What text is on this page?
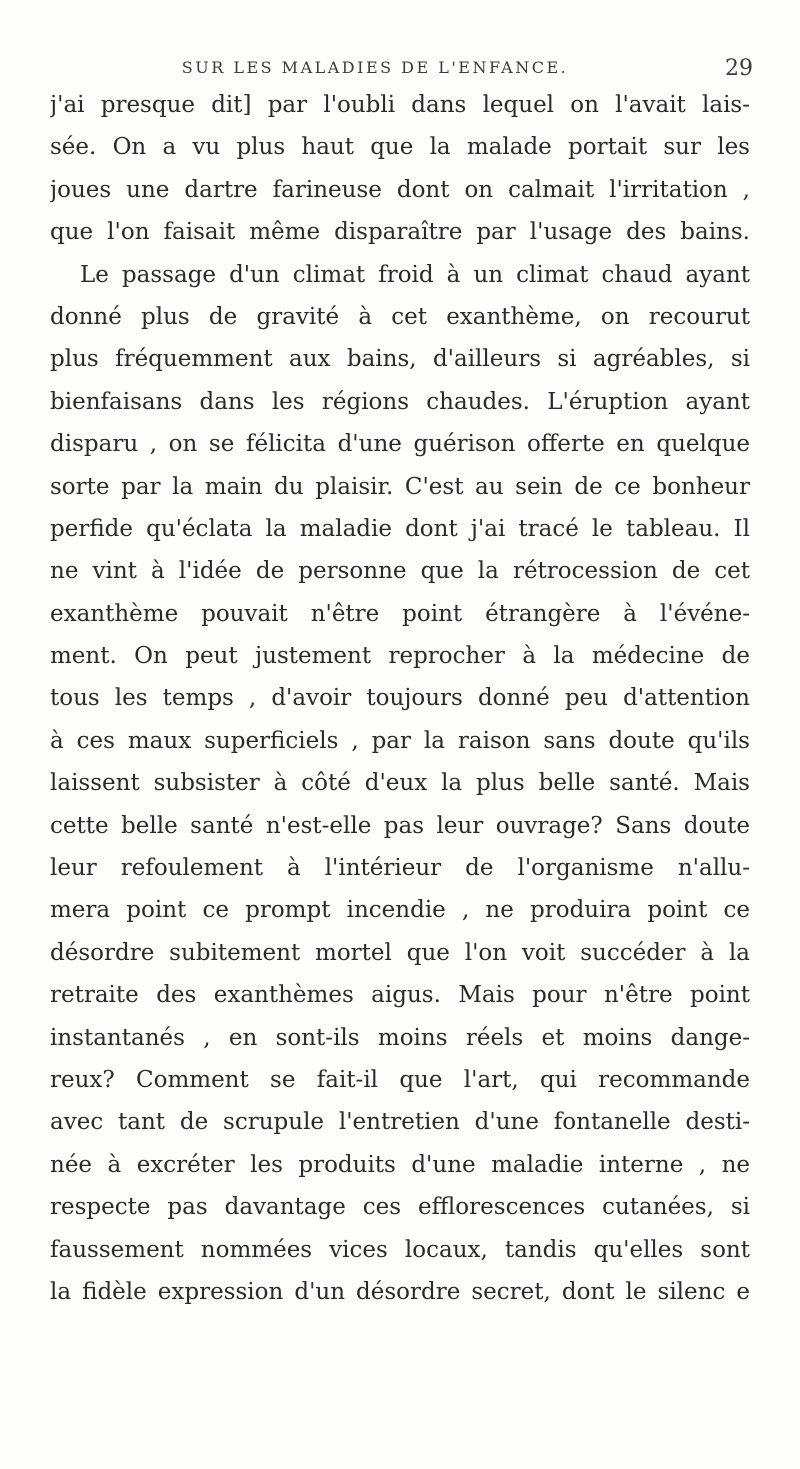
SUR LES MALADIES DE L'ENFANCE.	29
j'ai presque dit] par l'oubli dans lequel on l'avait lais-
sée. On a vu plus haut que la malade portait sur les
joues une dartre farineuse dont on calmait l'irritation ,
que l'on faisait même disparaître par l'usage des bains.
Le passage d'un climat froid à un climat chaud ayant
donné plus de gravité à cet exanthème, on recourut
plus fréquemment aux bains, d'ailleurs si agréables, si
bienfaisans dans les régions chaudes. L'éruption ayant
disparu , on se félicita d'une guérison offerte en quelque
sorte par la main du plaisir. C'est au sein de ce bonheur
perfide qu'éclata la maladie dont j'ai tracé le tableau. Il
ne vint à l'idée de personne que la rétrocession de cet
exanthème pouvait n'être point étrangère à l'événe-
ment. On peut justement reprocher à la médecine de
tous les temps , d'avoir toujours donné peu d'attention
à ces maux superficiels , par la raison sans doute qu'ils
laissent subsister à côté d'eux la plus belle santé. Mais
cette belle santé n'est-elle pas leur ouvrage? Sans doute
leur refoulement à l'intérieur de l'organisme n'allu-
mera point ce prompt incendie , ne produira point ce
désordre subitement mortel que l'on voit succéder à la
retraite des exanthèmes aigus. Mais pour n'être point
instantanés , en sont-ils moins réels et moins dange-
reux? Comment se fait-il que l'art, qui recommande
avec tant de scrupule l'entretien d'une fontanelle desti-
née à excréter les produits d'une maladie interne , ne
respecte pas davantage ces efflorescences cutanées, si
faussement nommées vices locaux, tandis qu'elles sont
la fidèle expression d'un désordre secret, dont le silenc e
